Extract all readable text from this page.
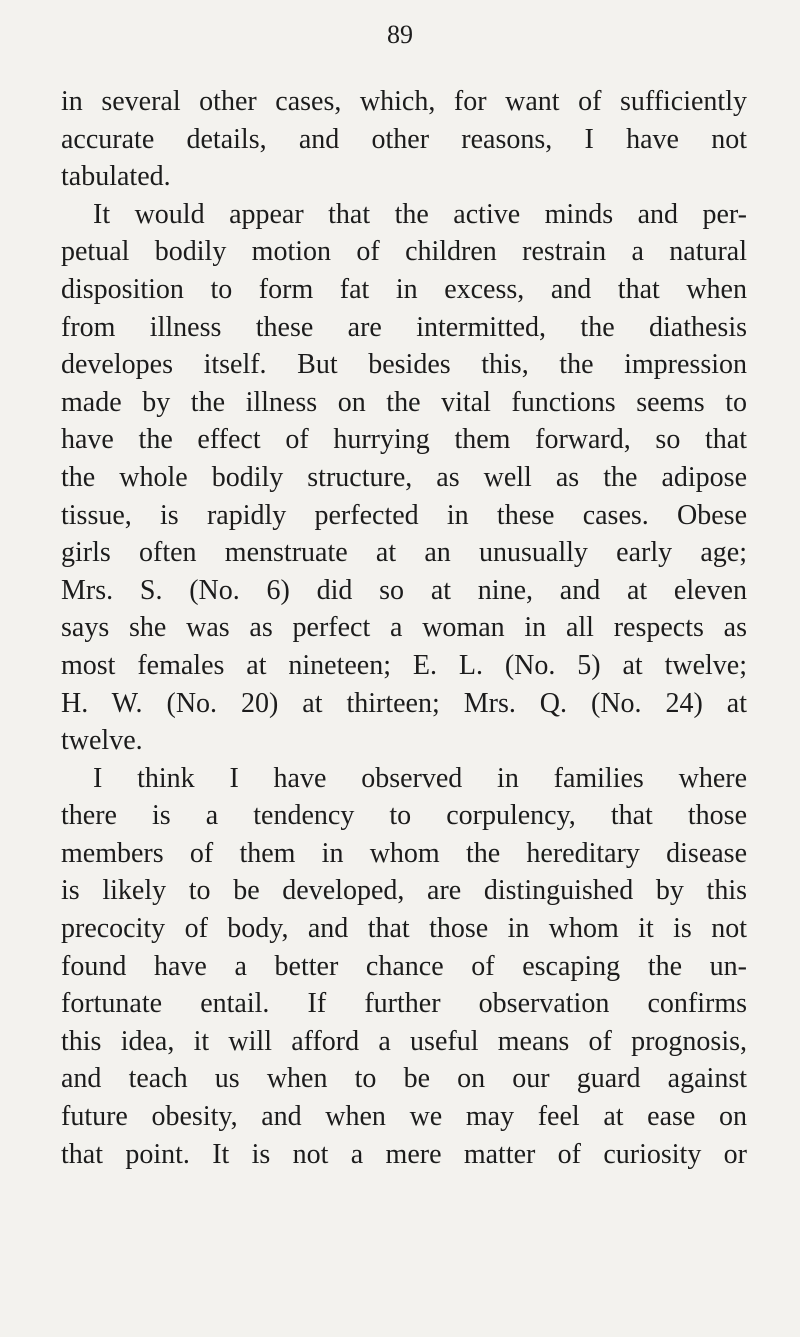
89
in several other cases, which, for want of sufficiently
accurate details, and other reasons, I have not
tabulated.
It would appear that the active minds and per-
petual bodily motion of children restrain a natural
disposition to form fat in excess, and that when
from illness these are intermitted, the diathesis
developes itself. But besides this, the impression
made by the illness on the vital functions seems to
have the effect of hurrying them forward, so that
the whole bodily structure, as well as the adipose
tissue, is rapidly perfected in these cases. Obese
girls often menstruate at an unusually early age;
Mrs. S. (No. 6) did so at nine, and at eleven
says she was as perfect a woman in all respects as
most females at nineteen; E. L. (No. 5) at twelve;
H. W. (No. 20) at thirteen; Mrs. Q. (No. 24) at
twelve.
I think I have observed in families where
there is a tendency to corpulency, that those
members of them in whom the hereditary disease
is likely to be developed, are distinguished by this
precocity of body, and that those in whom it is not
found have a better chance of escaping the un-
fortunate entail. If further observation confirms
this idea, it will afford a useful means of prognosis,
and teach us when to be on our guard against
future obesity, and when we may feel at ease on
that point. It is not a mere matter of curiosity or
